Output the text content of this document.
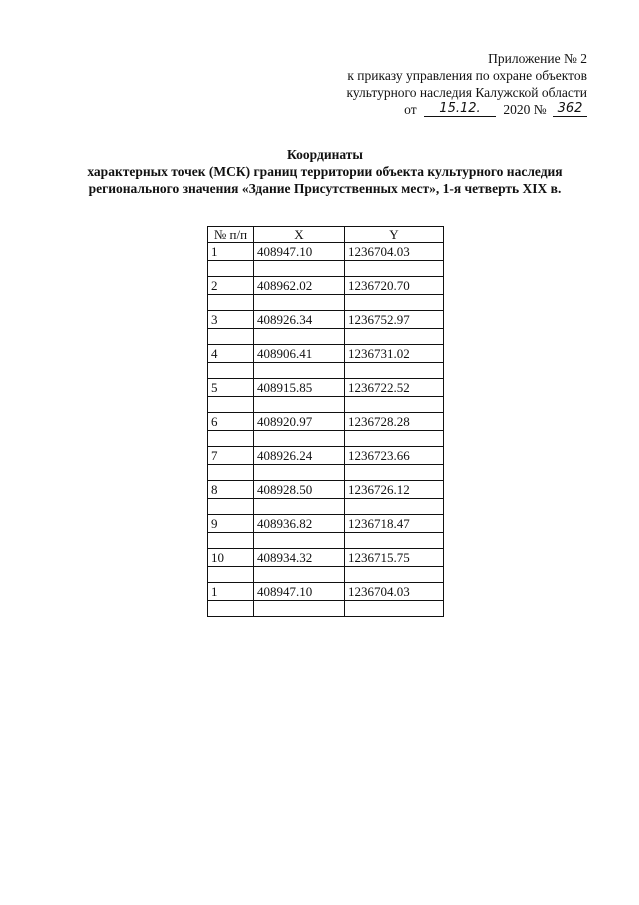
Приложение № 2
к приказу управления по охране объектов
культурного наследия Калужской области
от 15.12. 2020 № 362
Координаты
характерных точек (МСК) границ территории объекта культурного наследия
регионального значения «Здание Присутственных мест», 1-я четверть XIX в.
№ п/п	X	Y
1	408947.10	1236704.03

2	408962.02	1236720.70

3	408926.34	1236752.97

4	408906.41	1236731.02

5	408915.85	1236722.52

6	408920.97	1236728.28

7	408926.24	1236723.66

8	408928.50	1236726.12

9	408936.82	1236718.47

10	408934.32	1236715.75

1	408947.10	1236704.03
